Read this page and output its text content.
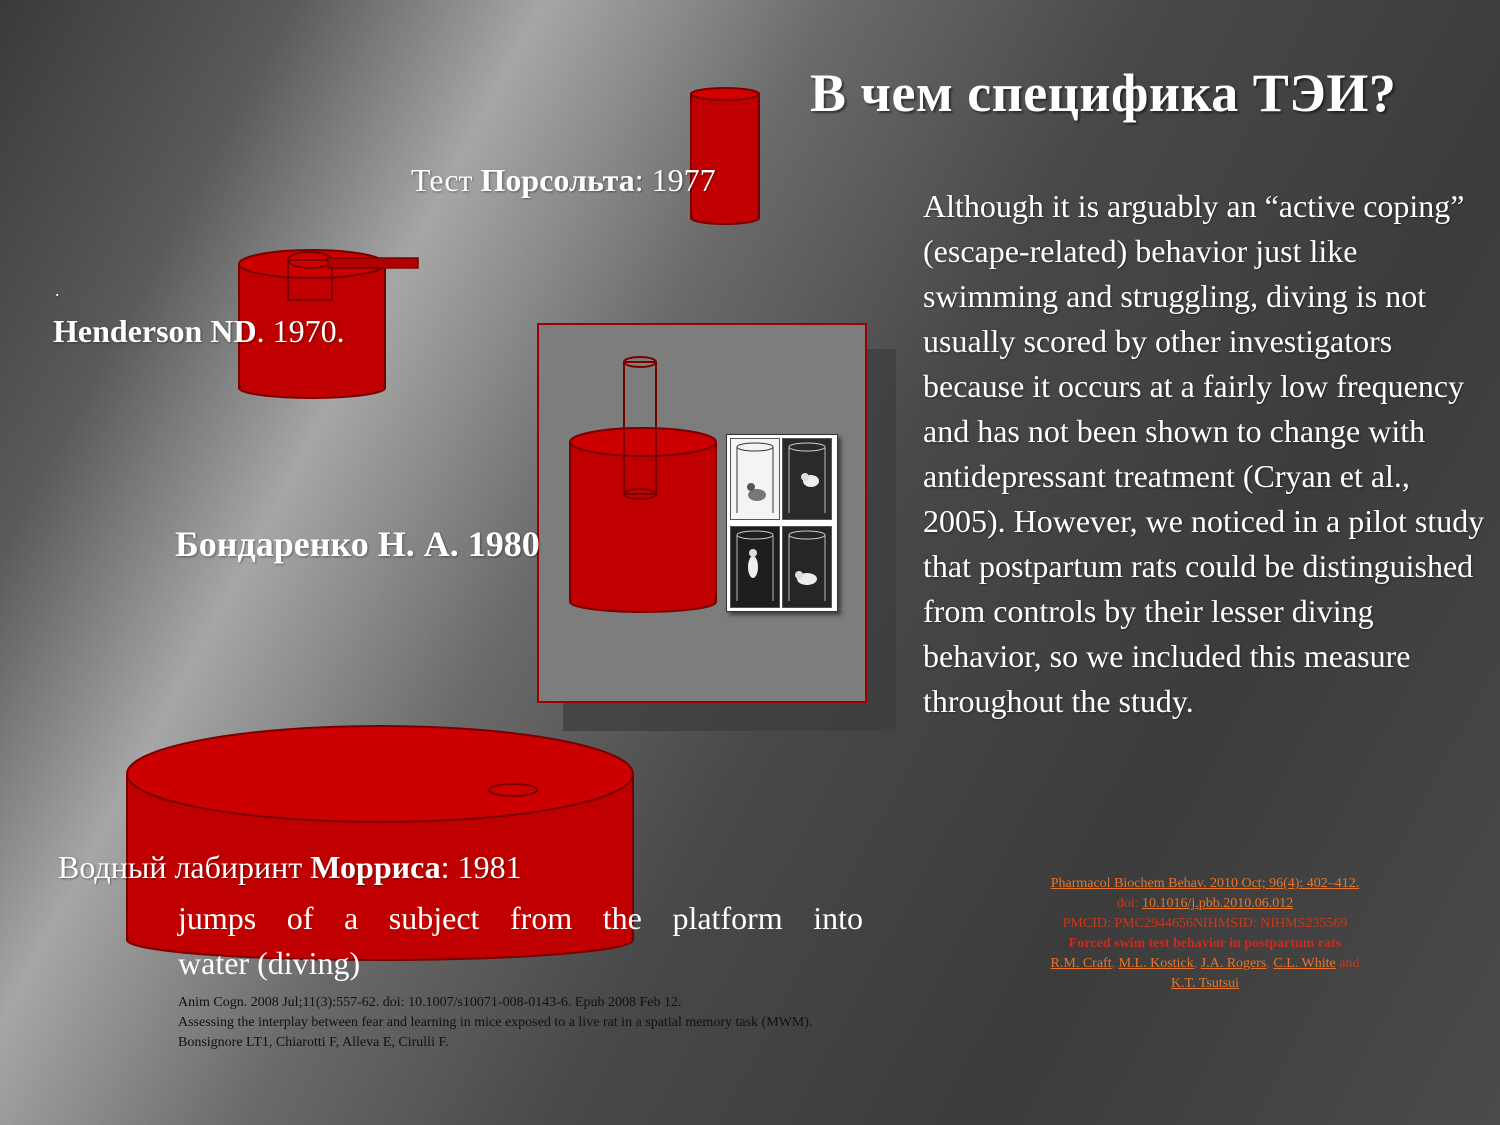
В чем специфика ТЭИ?
Тест Порсольта: 1977
.
Henderson ND. 1970.
Бондаренко Н. А. 1980
Водный лабиринт Морриса: 1981
jumps of a subject from the platform into
water (diving)
Anim Cogn. 2008 Jul;11(3):557-62. doi: 10.1007/s10071-008-0143-6. Epub 2008 Feb 12.
Assessing the interplay between fear and learning in mice exposed to a live rat in a spatial memory task (MWM).
Bonsignore LT1, Chiarotti F, Alleva E, Cirulli F.
Although it is arguably an “active coping” (escape-related) behavior just like swimming and struggling, diving is not usually scored by other investigators because it occurs at a fairly low frequency and has not been shown to change with antidepressant treatment (Cryan et al., 2005). However, we noticed in a pilot study that postpartum rats could be distinguished from controls by their lesser diving behavior, so we included this measure throughout the study.
Pharmacol Biochem Behav. 2010 Oct; 96(4): 402–412.
doi: 10.1016/j.pbb.2010.06.012
PMCID: PMC2944656NIHMSID: NIHMS235569
Forced swim test behavior in postpartum rats
R.M. Craft, M.L. Kostick, J.A. Rogers, C.L. White and
K.T. Tsutsui
